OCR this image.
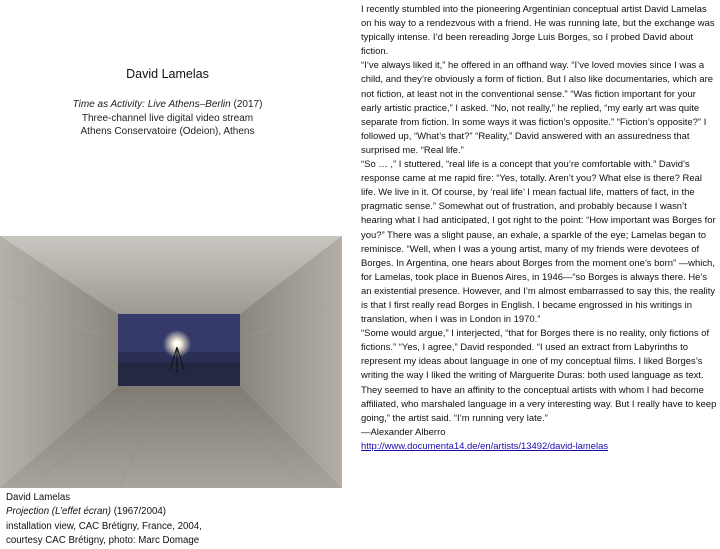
David Lamelas
Time as Activity: Live Athens–Berlin (2017)
Three-channel live digital video stream
Athens Conservatoire (Odeion), Athens
David Lamelas
Projection (L’effet écran) (1967/2004)
installation view, CAC Brétigny, France, 2004,
courtesy CAC Brétigny, photo: Marc Domage
I recently stumbled into the pioneering Argentinian conceptual artist David Lamelas on his way to a rendezvous with a friend. He was running late, but the exchange was typically intense. I’d been rereading Jorge Luis Borges, so I probed David about fiction.
“I’ve always liked it,” he offered in an offhand way. “I’ve loved movies since I was a child, and they’re obviously a form of fiction. But I also like documentaries, which are not fiction, at least not in the conventional sense.” “Was fiction important for your early artistic practice,” I asked. “No, not really,” he replied, “my early art was quite separate from fiction. In some ways it was fiction’s opposite.” “Fiction’s opposite?” I followed up, “What’s that?” “Reality,” David answered with an assuredness that surprised me. “Real life.”
“So … ,” I stuttered, “real life is a concept that you’re comfortable with.” David’s response came at me rapid fire: “Yes, totally. Aren’t you? What else is there? Real life. We live in it. Of course, by ‘real life’ I mean factual life, matters of fact, in the pragmatic sense.” Somewhat out of frustration, and probably because I wasn’t hearing what I had anticipated, I got right to the point: “How important was Borges for you?” There was a slight pause, an exhale, a sparkle of the eye; Lamelas began to reminisce. “Well, when I was a young artist, many of my friends were devotees of Borges. In Argentina, one hears about Borges from the moment one’s born” —which, for Lamelas, took place in Buenos Aires, in 1946—“so Borges is always there. He’s an existential presence. However, and I’m almost embarrassed to say this, the reality is that I first really read Borges in English. I became engrossed in his writings in translation, when I was in London in 1970.”
“Some would argue,” I interjected, “that for Borges there is no reality, only fictions of fictions.” “Yes, I agree,” David responded. “I used an extract from Labyrinths to represent my ideas about language in one of my conceptual films. I liked Borges’s writing the way I liked the writing of Marguerite Duras: both used language as text. They seemed to have an affinity to the conceptual artists with whom I had become affiliated, who marshaled language in a very interesting way. But I really have to keep going,” the artist said. “I’m running very late.”
—Alexander Alberro
http://www.documenta14.de/en/artists/13492/david-lamelas
